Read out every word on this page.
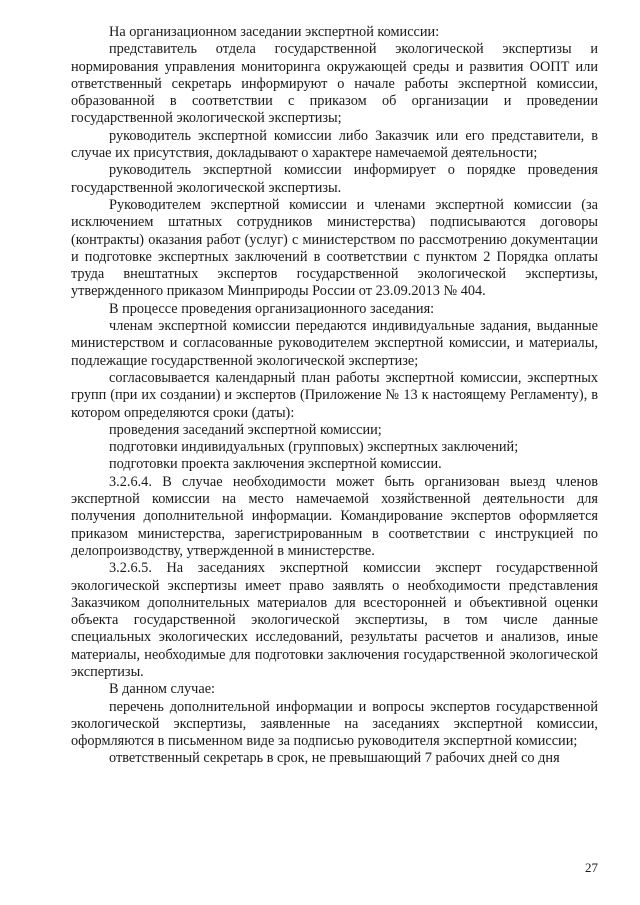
На организационном заседании экспертной комиссии:

представитель отдела государственной экологической экспертизы и нормирования управления мониторинга окружающей среды и развития ООПТ или ответственный секретарь информируют о начале работы экспертной комиссии, образованной в соответствии с приказом об организации и проведении государственной экологической экспертизы;

руководитель экспертной комиссии либо Заказчик или его представители, в случае их присутствия, докладывают о характере намечаемой деятельности;

руководитель экспертной комиссии информирует о порядке проведения государственной экологической экспертизы.

Руководителем экспертной комиссии и членами экспертной комиссии (за исключением штатных сотрудников министерства) подписываются договоры (контракты) оказания работ (услуг) с министерством по рассмотрению документации и подготовке экспертных заключений в соответствии с пунктом 2 Порядка оплаты труда внештатных экспертов государственной экологической экспертизы, утвержденного приказом Минприроды России от 23.09.2013 № 404.

В процессе проведения организационного заседания:

членам экспертной комиссии передаются индивидуальные задания, выданные министерством и согласованные руководителем экспертной комиссии, и материалы, подлежащие государственной экологической экспертизе;

согласовывается календарный план работы экспертной комиссии, экспертных групп (при их создании) и экспертов (Приложение № 13 к настоящему Регламенту), в котором определяются сроки (даты):

проведения заседаний экспертной комиссии;

подготовки индивидуальных (групповых) экспертных заключений;

подготовки проекта заключения экспертной комиссии.

3.2.6.4. В случае необходимости может быть организован выезд членов экспертной комиссии на место намечаемой хозяйственной деятельности для получения дополнительной информации. Командирование экспертов оформляется приказом министерства, зарегистрированным в соответствии с инструкцией по делопроизводству, утвержденной в министерстве.

3.2.6.5. На заседаниях экспертной комиссии эксперт государственной экологической экспертизы имеет право заявлять о необходимости представления Заказчиком дополнительных материалов для всесторонней и объективной оценки объекта государственной экологической экспертизы, в том числе данные специальных экологических исследований, результаты расчетов и анализов, иные материалы, необходимые для подготовки заключения государственной экологической экспертизы.

В данном случае:

перечень дополнительной информации и вопросы экспертов государственной экологической экспертизы, заявленные на заседаниях экспертной комиссии, оформляются в письменном виде за подписью руководителя экспертной комиссии;

ответственный секретарь в срок, не превышающий 7 рабочих дней со дня

27
